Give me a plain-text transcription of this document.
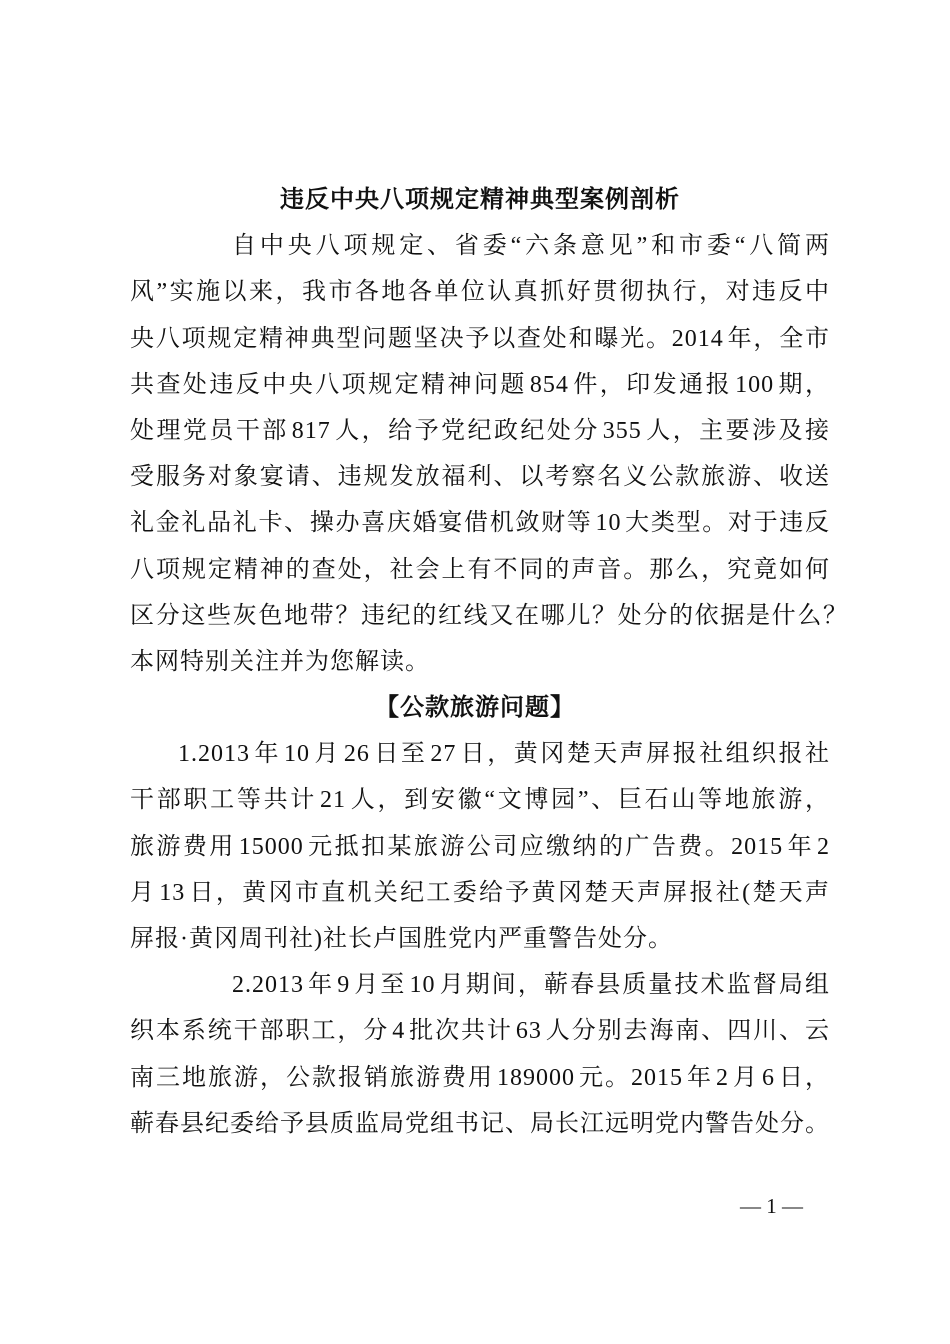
违反中央八项规定精神典型案例剖析
自中央八项规定、省委“六条意见”和市委“八简两
风”实施以来，我市各地各单位认真抓好贯彻执行，对违反中
央八项规定精神典型问题坚决予以查处和曝光。2014年，全市
共查处违反中央八项规定精神问题854件，印发通报100期，
处理党员干部817人，给予党纪政纪处分355人，主要涉及接
受服务对象宴请、违规发放福利、以考察名义公款旅游、收送
礼金礼品礼卡、操办喜庆婚宴借机敛财等10大类型。对于违反
八项规定精神的查处，社会上有不同的声音。那么，究竟如何
区分这些灰色地带？违纪的红线又在哪儿？处分的依据是什么？
本网特别关注并为您解读。
【公款旅游问题】
1.2013年10月26日至27日，黄冈楚天声屏报社组织报社
干部职工等共计21人，到安徽“文博园”、巨石山等地旅游，
旅游费用15000元抵扣某旅游公司应缴纳的广告费。2015年2
月13日，黄冈市直机关纪工委给予黄冈楚天声屏报社(楚天声
屏报·黄冈周刊社)社长卢国胜党内严重警告处分。
2.2013年9月至10月期间，蕲春县质量技术监督局组
织本系统干部职工，分4批次共计63人分别去海南、四川、云
南三地旅游，公款报销旅游费用189000元。2015年2月6日，
蕲春县纪委给予县质监局党组书记、局长江远明党内警告处分。
— 1 —
